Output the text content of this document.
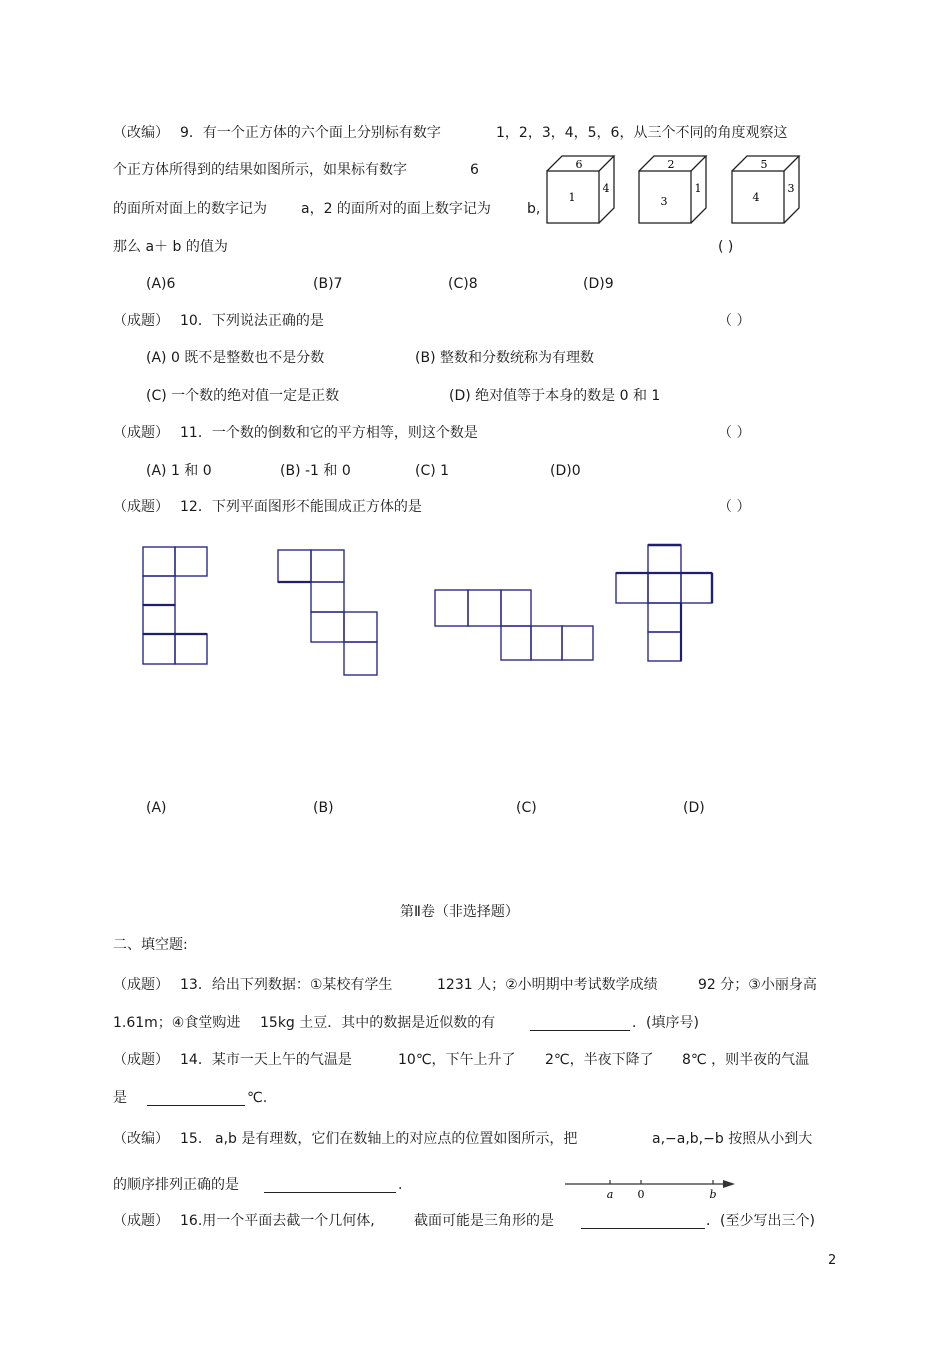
（改编） 9．有一个正方体的六个面上分别标有数字	1，2，3，4，5，6，从三个不同的角度观察这
个正方体所得到的结果如图所示，如果标有数字	6
的面所对面上的数字记为 a，2 的面所对的面上数字记为	b,
那么 a＋ b 的值为	( )
6
1
4
2
3
1
5
4
3
(A)6	(B)7	(C)8	(D)9
（成题） 10．下列说法正确的是	（ ）
(A) 0 既不是整数也不是分数	(B) 整数和分数统称为有理数
(C) 一个数的绝对值一定是正数	(D) 绝对值等于本身的数是 0 和 1
（成题） 11．一个数的倒数和它的平方相等，则这个数是	（ ）
(A) 1 和 0	(B) -1 和 0	(C) 1	(D)0
（成题） 12．下列平面图形不能围成正方体的是	（ ）
(A)	(B)	(C)	(D)
第Ⅱ卷（非选择题）
二、填空题:
（成题） 13．给出下列数据：①某校有学生	1231 人；②小明期中考试数学成绩	92 分；③小丽身高
1.61m；④食堂购进 15kg 土豆．其中的数据是近似数的有	．(填序号)
（成题） 14．某市一天上午的气温是	10℃，下午上升了 2℃，半夜下降了 8℃ ，则半夜的气温
是	℃.
（改编） 15． a,b 是有理数，它们在数轴上的对应点的位置如图所示，把	a,−a,b,−b 按照从小到大
的顺序排列正确的是	.
a 0	b
（成题） 16.用一个平面去截一个几何体,	截面可能是三角形的是	．(至少写出三个)
2
